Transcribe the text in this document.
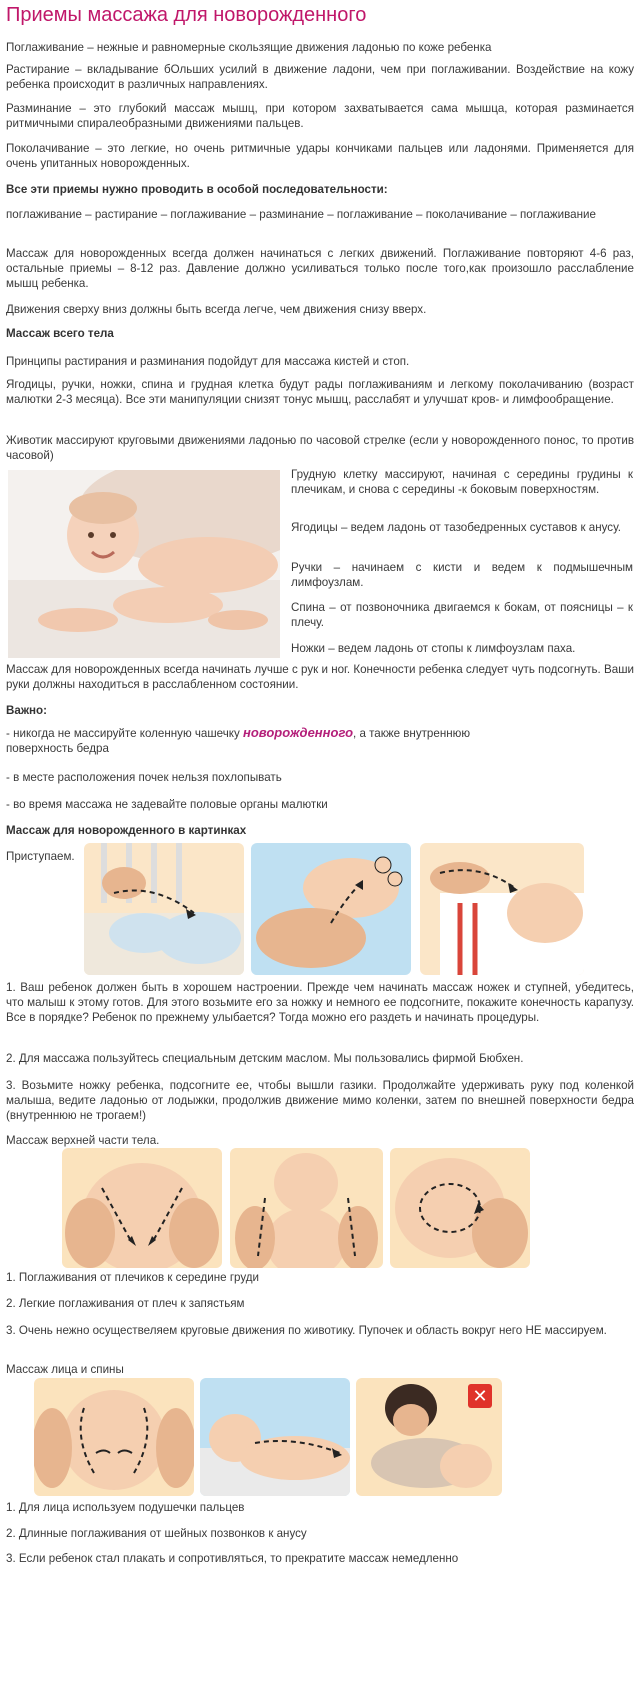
Приемы массажа для новорожденного

Поглаживание – нежные и равномерные скользящие движения ладонью по коже ребенка

Растирание – вкладывание бОльших усилий в движение ладони, чем при поглаживании. Воздействие на кожу ребенка происходит в различных направлениях.

Разминание – это глубокий массаж мышц, при котором захватывается сама мышца, которая разминается ритмичными спиралеобразными движениями пальцев.

Поколачивание – это легкие, но очень ритмичные удары кончиками пальцев или ладонями. Применяется для очень упитанных новорожденных.

Все эти приемы нужно проводить в особой последовательности:

поглаживание – растирание – поглаживание – разминание – поглаживание – поколачивание – поглаживание

Массаж для новорожденных всегда должен начинаться с легких движений. Поглаживание повторяют 4-6 раз, остальные приемы – 8-12 раз. Давление должно усиливаться только после того,как произошло расслабление мышц ребенка.

Движения сверху вниз должны быть всегда легче, чем движения снизу вверх.

Массаж всего тела

Принципы растирания и разминания подойдут для массажа кистей и стоп.

Ягодицы, ручки, ножки, спина и грудная клетка будут рады поглаживаниям и легкому поколачиванию (возраст малютки 2-3 месяца). Все эти манипуляции снизят тонус мышц, расслабят и улучшат кров- и лимфообращение.

Животик массируют круговыми движениями ладонью по часовой стрелке (если у новорожденного понос, то против часовой)

Грудную клетку массируют, начиная с середины грудины к плечикам, и снова с середины -к боковым поверхностям.

Ягодицы – ведем ладонь от тазобедренных суставов к анусу.

Ручки – начинаем с кисти и ведем к подмышечным лимфоузлам.

Спина – от позвоночника двигаемся к бокам, от поясницы – к плечу.

Ножки – ведем ладонь от стопы к лимфоузлам паха.

Массаж для новорожденных всегда начинать лучше с рук и ног. Конечности ребенка следует чуть подсогнуть. Ваши руки должны находиться в расслабленном состоянии.

Важно:

- никогда не массируйте коленную чашечку новорожденного, а также внутреннюю
поверхность бедра

- в месте расположения почек нельзя похлопывать

- во время массажа не задевайте половые органы малютки

Массаж для новорожденного в картинках

Приступаем.

1. Ваш ребенок должен быть в хорошем настроении. Прежде чем начинать массаж ножек и ступней, убедитесь, что малыш к этому готов. Для этого возьмите его за ножку и немного ее подсогните, покажите конечность карапузу. Все в порядке? Ребенок по прежнему улыбается? Тогда можно его раздеть и начинать процедуры.

2. Для массажа пользуйтесь специальным детским маслом. Мы пользовались фирмой Бюбхен.

3. Возьмите ножку ребенка, подсогните ее, чтобы вышли газики. Продолжайте удерживать руку под коленкой малыша, ведите ладонью от лодыжки, продолжив движение мимо коленки, затем по внешней поверхности бедра (внутреннюю не трогаем!)

Массаж верхней части тела.

1. Поглаживания от плечиков к середине груди

2. Легкие поглаживания от плеч к запястьям

3. Очень нежно осуществеляем круговые движения по животику. Пупочек и область вокруг него НЕ массируем.

Массаж лица и спины

✕

1. Для лица используем подушечки пальцев

2. Длинные поглаживания от шейных позвонков к анусу

3. Если ребенок стал плакать и сопротивляться, то прекратите массаж немедленно
